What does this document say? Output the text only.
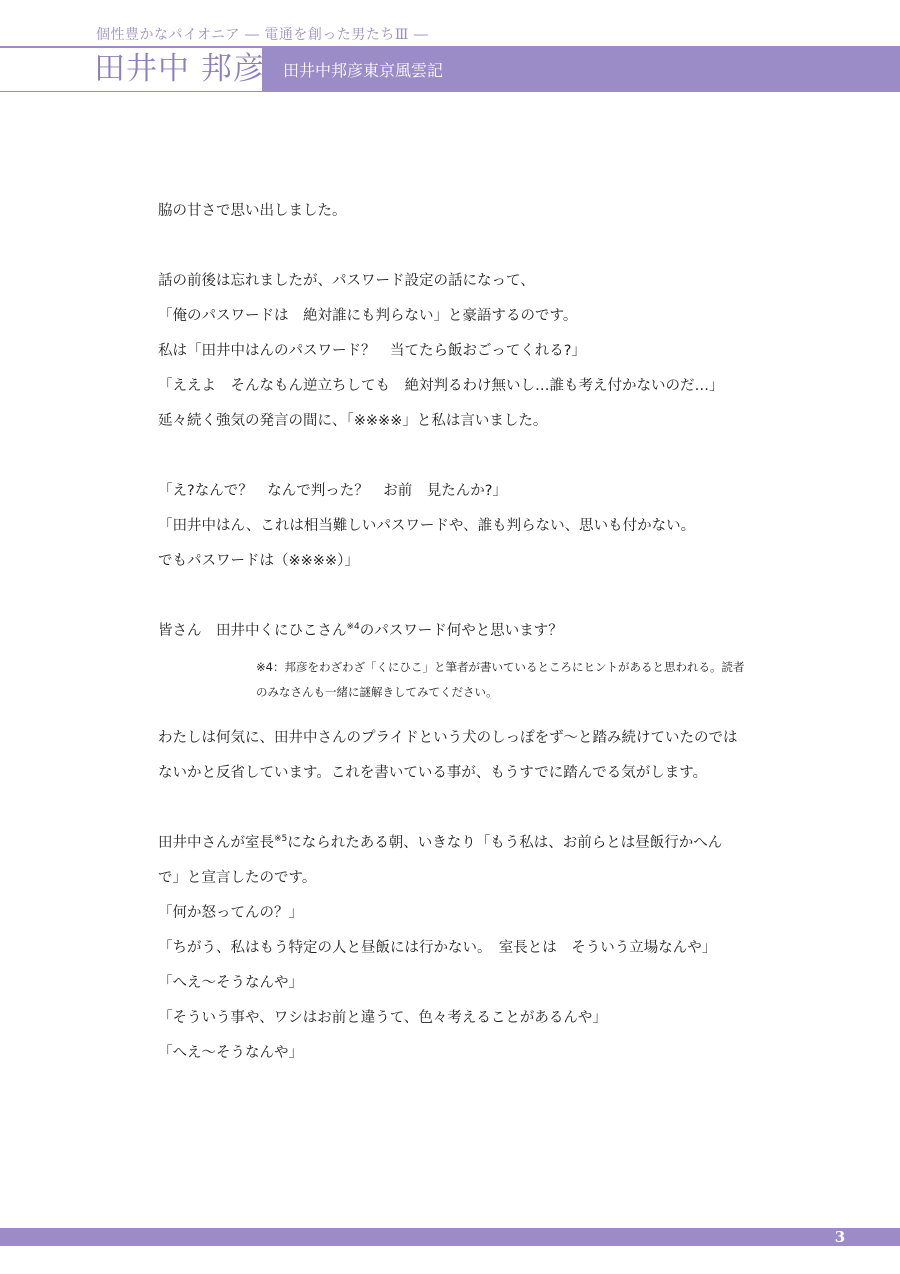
個性豊かなパイオニア ― 電通を創った男たちⅢ ―
田井中 邦彦 田井中邦彦東京風雲記

脇の甘さで思い出しました。

話の前後は忘れましたが、パスワード設定の話になって、

「俺のパスワードは　絶対誰にも判らない」と豪語するのです。

私は「田井中はんのパスワード？　当てたら飯おごってくれる?」

「ええよ　そんなもん逆立ちしても　絶対判るわけ無いし…誰も考え付かないのだ…」

延々続く強気の発言の間に、「※※※※」と私は言いました。

「え?なんで？　なんで判った？　お前　見たんか?」

「田井中はん、これは相当難しいパスワードや、誰も判らない、思いも付かない。

でもパスワードは（※※※※）」

皆さん　田井中くにひこさん$^{※4}$のパスワード何やと思います？

※4：邦彦をわざわざ「くにひこ」と筆者が書いているところにヒントがあると思われる。読者

のみなさんも一緒に謎解きしてみてください。

わたしは何気に、田井中さんのプライドという犬のしっぽをず〜と踏み続けていたのでは

ないかと反省しています。これを書いている事が、もうすでに踏んでる気がします。

田井中さんが室長$^{※5}$になられたある朝、いきなり「もう私は、お前らとは昼飯行かへん

で」と宣言したのです。

「何か怒ってんの？」

「ちがう、私はもう特定の人と昼飯には行かない。　室長とは　そういう立場なんや」

「へえ〜そうなんや」

「そういう事や、ワシはお前と違うて、色々考えることがあるんや」

「へえ〜そうなんや」

3
